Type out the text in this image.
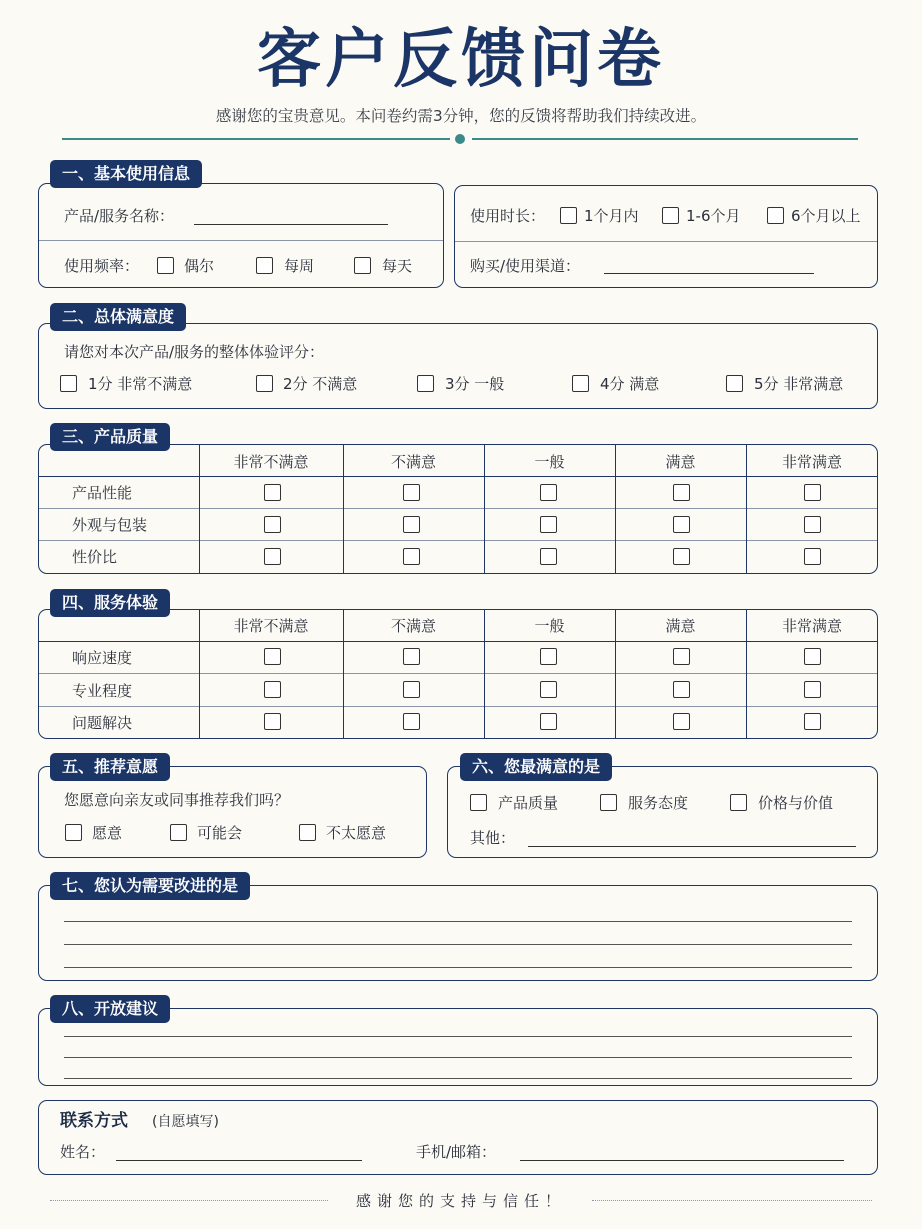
客户反馈问卷
感谢您的宝贵意见。本问卷约需3分钟，您的反馈将帮助我们持续改进。
一、基本使用信息
产品/服务名称：
使用频率：	偶尔	每周	每天
使用时长：	1个月内	1-6个月	6个月以上
购买/使用渠道：
二、总体满意度
请您对本次产品/服务的整体体验评分：
1分 非常不满意	2分 不满意	3分 一般	4分 满意	5分 非常满意
三、产品质量
非常不满意	不满意	一般	满意	非常满意
产品性能
外观与包装
性价比
四、服务体验
非常不满意	不满意	一般	满意	非常满意
响应速度
专业程度
问题解决
五、推荐意愿
您愿意向亲友或同事推荐我们吗？
愿意	可能会	不太愿意
六、您最满意的是
产品质量	服务态度	价格与价值
其他：
七、您认为需要改进的是
八、开放建议
联系方式 (自愿填写)
姓名：	手机/邮箱：
感谢您的支持与信任！
